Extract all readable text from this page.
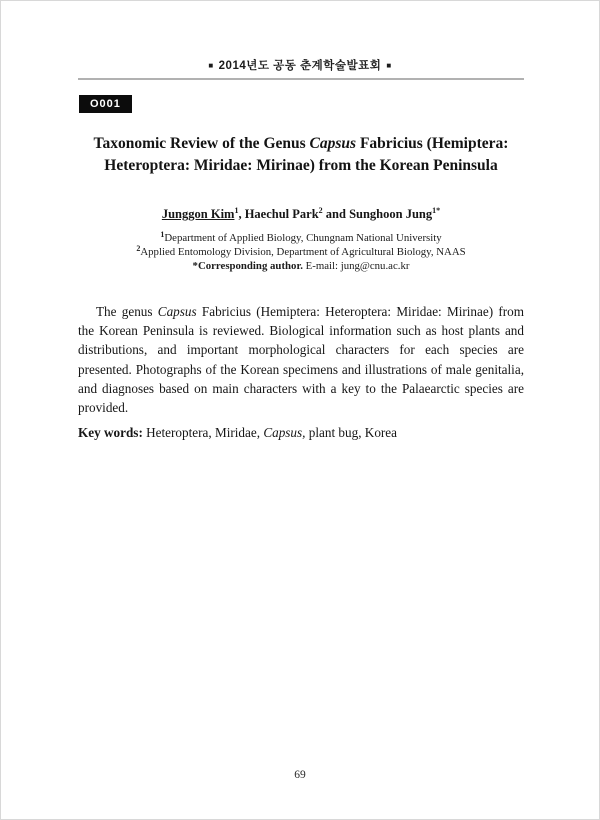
■ 2014년도 공동 춘계학술발표회 ■
O001
Taxonomic Review of the Genus Capsus Fabricius (Hemiptera: Heteroptera: Miridae: Mirinae) from the Korean Peninsula
Junggon Kim$^1$, Haechul Park$^2$ and Sunghoon Jung$^{1*}$
$^1$Department of Applied Biology, Chungnam National University
$^2$Applied Entomology Division, Department of Agricultural Biology, NAAS
*Corresponding author. E-mail: jung@cnu.ac.kr
The genus Capsus Fabricius (Hemiptera: Heteroptera: Miridae: Mirinae) from the Korean Peninsula is reviewed. Biological information such as host plants and distributions, and important morphological characters for each species are presented. Photographs of the Korean specimens and illustrations of male genitalia, and diagnoses based on main characters with a key to the Palaearctic species are provided.
Key words: Heteroptera, Miridae, Capsus, plant bug, Korea
69
